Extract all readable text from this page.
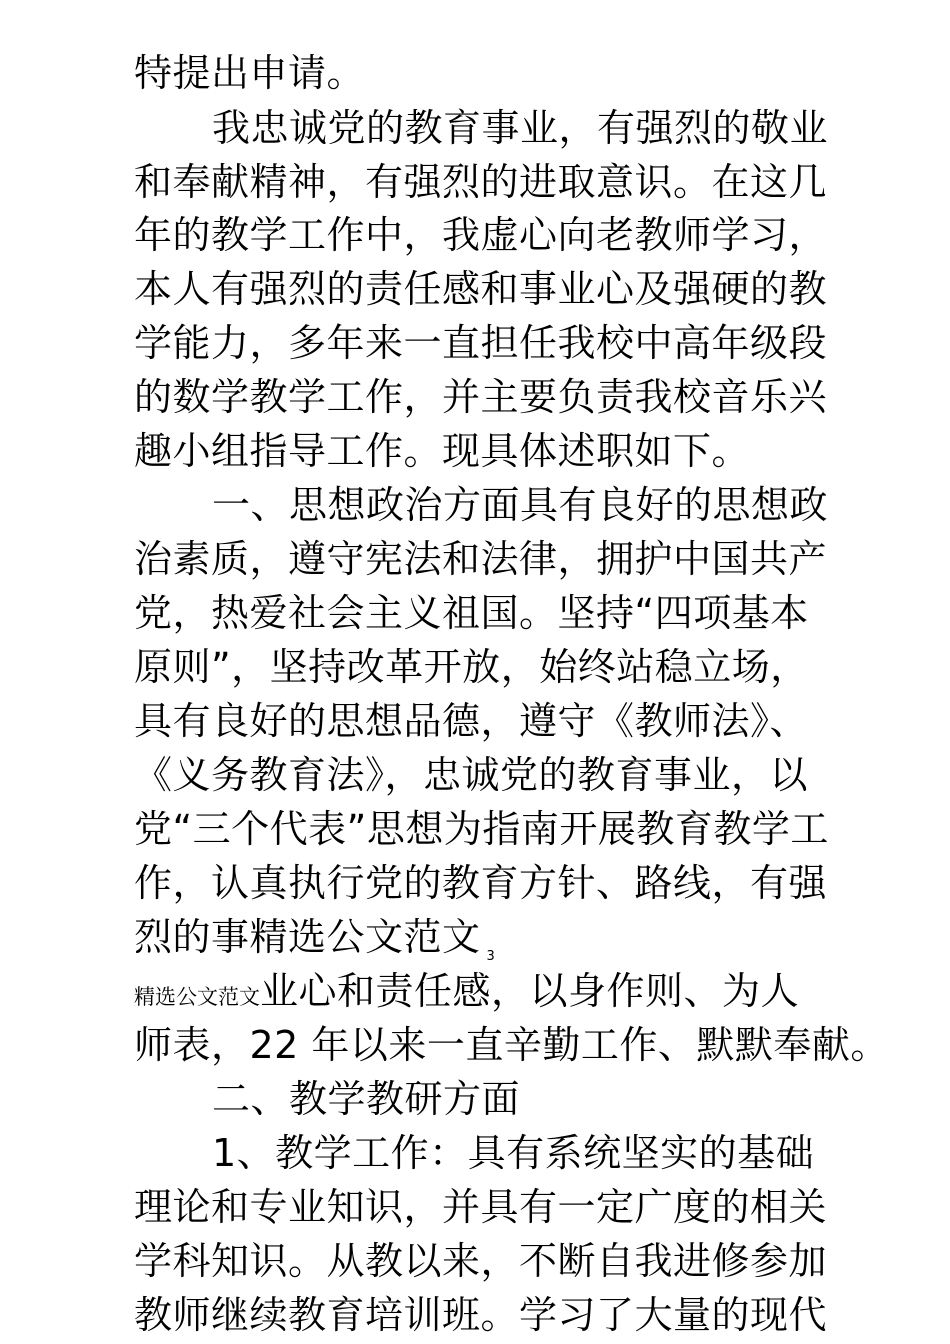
特提出申请。
我忠诚党的教育事业，有强烈的敬业
和奉献精神，有强烈的进取意识。在这几
年的教学工作中，我虚心向老教师学习，
本人有强烈的责任感和事业心及强硬的教
学能力，多年来一直担任我校中高年级段
的数学教学工作，并主要负责我校音乐兴
趣小组指导工作。现具体述职如下。
一、思想政治方面具有良好的思想政
治素质，遵守宪法和法律，拥护中国共产
党，热爱社会主义祖国。坚持“四项基本
原则”，坚持改革开放，始终站稳立场，
具有良好的思想品德，遵守《教师法》、
《义务教育法》，忠诚党的教育事业，以
党“三个代表”思想为指南开展教育教学工
作，认真执行党的教育方针、路线，有强
烈的事精选公文范文 $_3$
精选公文范文业心和责任感，以身作则、为人
师表，22 年以来一直辛勤工作、默默奉献。
二、教学教研方面
1、教学工作：具有系统坚实的基础
理论和专业知识，并具有一定广度的相关
学科知识。从教以来，不断自我进修参加
教师继续教育培训班。学习了大量的现代
